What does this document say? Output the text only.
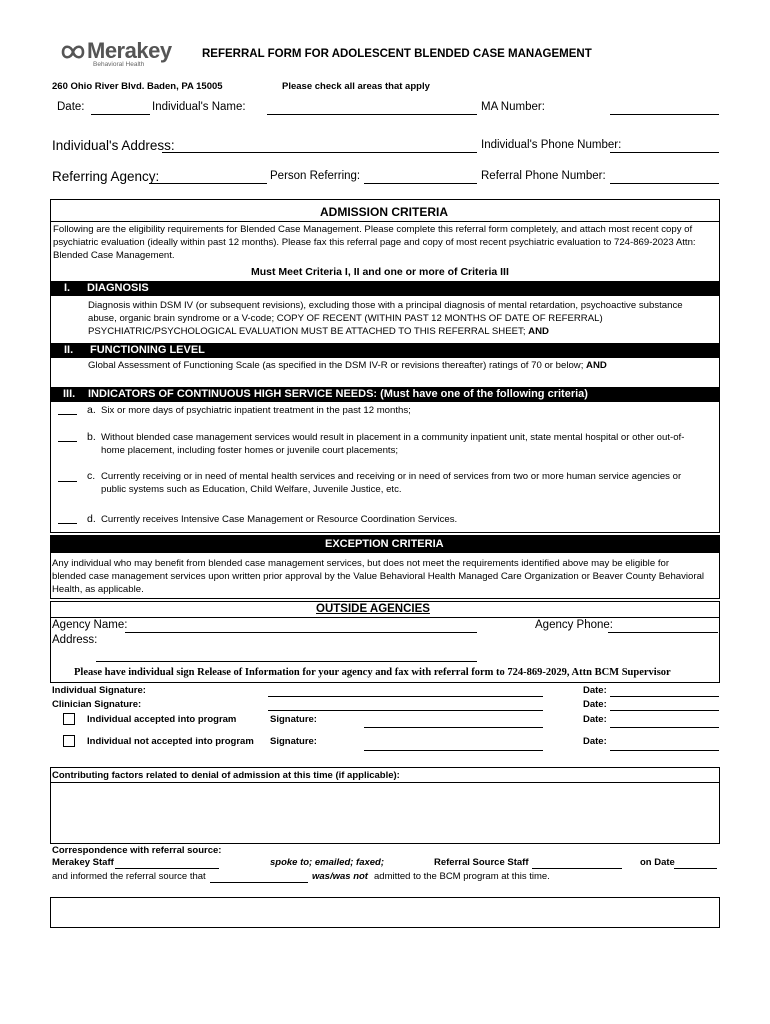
Merakey
Behavioral Health
REFERRAL FORM FOR ADOLESCENT BLENDED CASE MANAGEMENT
260 Ohio River Blvd. Baden, PA 15005	Please check all areas that apply
Date:	Individual's Name:	MA Number:
Individual's Address:	Individual's Phone Number:
Referring Agency:	Person Referring:	Referral Phone Number:
ADMISSION CRITERIA
Following are the eligibility requirements for Blended Case Management. Please complete this referral form completely, and attach most recent copy of
psychiatric evaluation (ideally within past 12 months). Please fax this referral page and copy of most recent psychiatric evaluation to 724-869-2023 Attn:
Blended Case Management.
Must Meet Criteria I, II and one or more of Criteria III
I. DIAGNOSIS
Diagnosis within DSM IV (or subsequent revisions), excluding those with a principal diagnosis of mental retardation, psychoactive substance
abuse, organic brain syndrome or a V-code; COPY OF RECENT (WITHIN PAST 12 MONTHS OF DATE OF REFERRAL)
PSYCHIATRIC/PSYCHOLOGICAL EVALUATION MUST BE ATTACHED TO THIS REFERRAL SHEET; AND
II. FUNCTIONING LEVEL
Global Assessment of Functioning Scale (as specified in the DSM IV-R or revisions thereafter) ratings of 70 or below; AND
III. INDICATORS OF CONTINUOUS HIGH SERVICE NEEDS: (Must have one of the following criteria)
a. Six or more days of psychiatric inpatient treatment in the past 12 months;
b. Without blended case management services would result in placement in a community inpatient unit, state mental hospital or other out-of-
home placement, including foster homes or juvenile court placements;
c. Currently receiving or in need of mental health services and receiving or in need of services from two or more human service agencies or
public systems such as Education, Child Welfare, Juvenile Justice, etc.
d. Currently receives Intensive Case Management or Resource Coordination Services.
EXCEPTION CRITERIA
Any individual who may benefit from blended case management services, but does not meet the requirements identified above may be eligible for
blended case management services upon written prior approval by the Value Behavioral Health Managed Care Organization or Beaver County Behavioral
Health, as applicable.
OUTSIDE AGENCIES
Agency Name:	Agency Phone:
Address:
Please have individual sign Release of Information for your agency and fax with referral form to 724-869-2029, Attn BCM Supervisor
Individual Signature:	Date:
Clinician Signature:	Date:
Individual accepted into program	Signature:	Date:
Individual not accepted into program Signature:	Date:
Contributing factors related to denial of admission at this time (if applicable):
Correspondence with referral source:
Merakey Staff	spoke to; emailed; faxed;	Referral Source Staff	on Date
and informed the referral source that	was/was not admitted to the BCM program at this time.
